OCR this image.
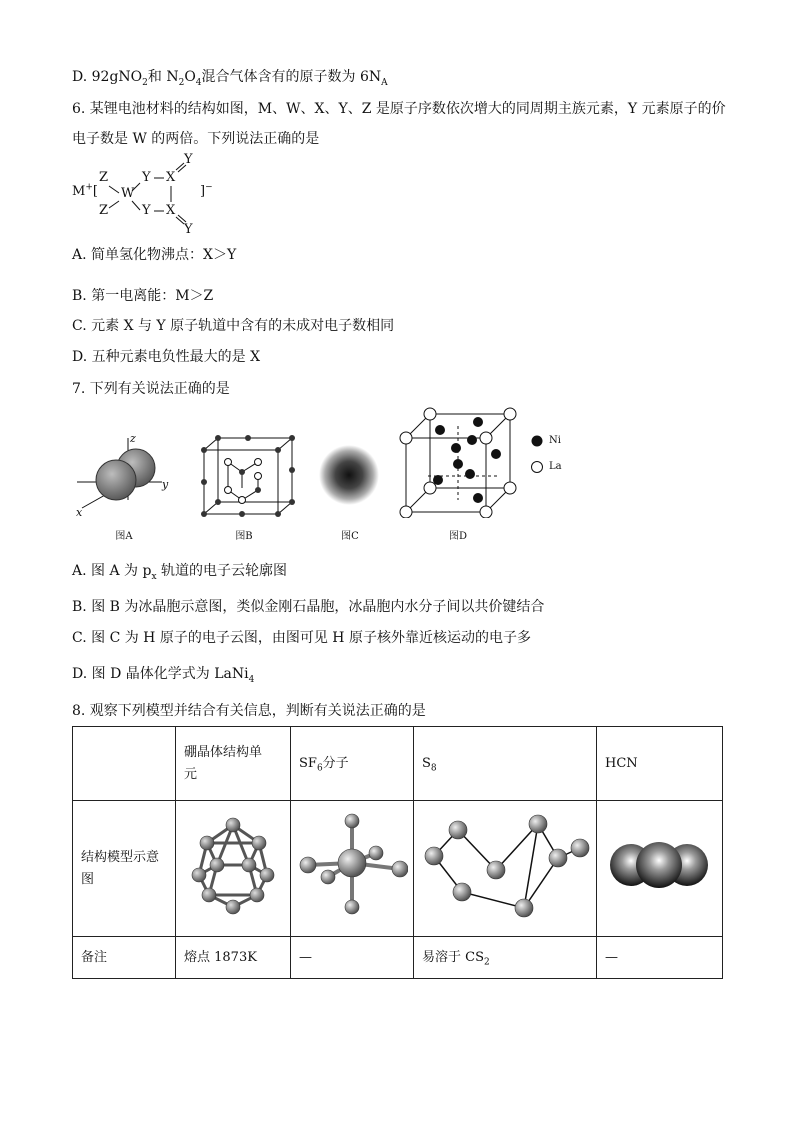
D. 92gNO$_2$和 $N_2O_4$混合气体含有的原子数为 $6N_A$
6. 某锂电池材料的结构如图，M、W、X、Y、Z 是原子序数依次增大的同周期主族元素，Y 元素原子的价
电子数是 W 的两倍。下列说法正确的是
M+[
Z
Z
W
Y
Y
X
X
Y
Y
]−
A. 简单氢化物沸点：X＞Y
B. 第一电离能：M＞Z
C. 元素 X 与 Y 原子轨道中含有的未成对电子数相同
D. 五种元素电负性最大的是 X
7. 下列有关说法正确的是
z
y
x
图A	图B	图C	图D
Ni
La
A. 图 A 为 $p_x$ 轨道的电子云轮廓图
B. 图 B 为冰晶胞示意图，类似金刚石晶胞，冰晶胞内水分子间以共价键结合
C. 图 C 为 H 原子的电子云图，由图可见 H 原子核外靠近核运动的电子多
D. 图 D 晶体化学式为 LaNi$_4$
8. 观察下列模型并结合有关信息，判断有关说法正确的是
	硼晶体结构单
元	$SF_6$分子	$S_8$	HCN
结构模型示意
图				
备注	熔点 1873K	—	易溶于 $CS_2$	—
